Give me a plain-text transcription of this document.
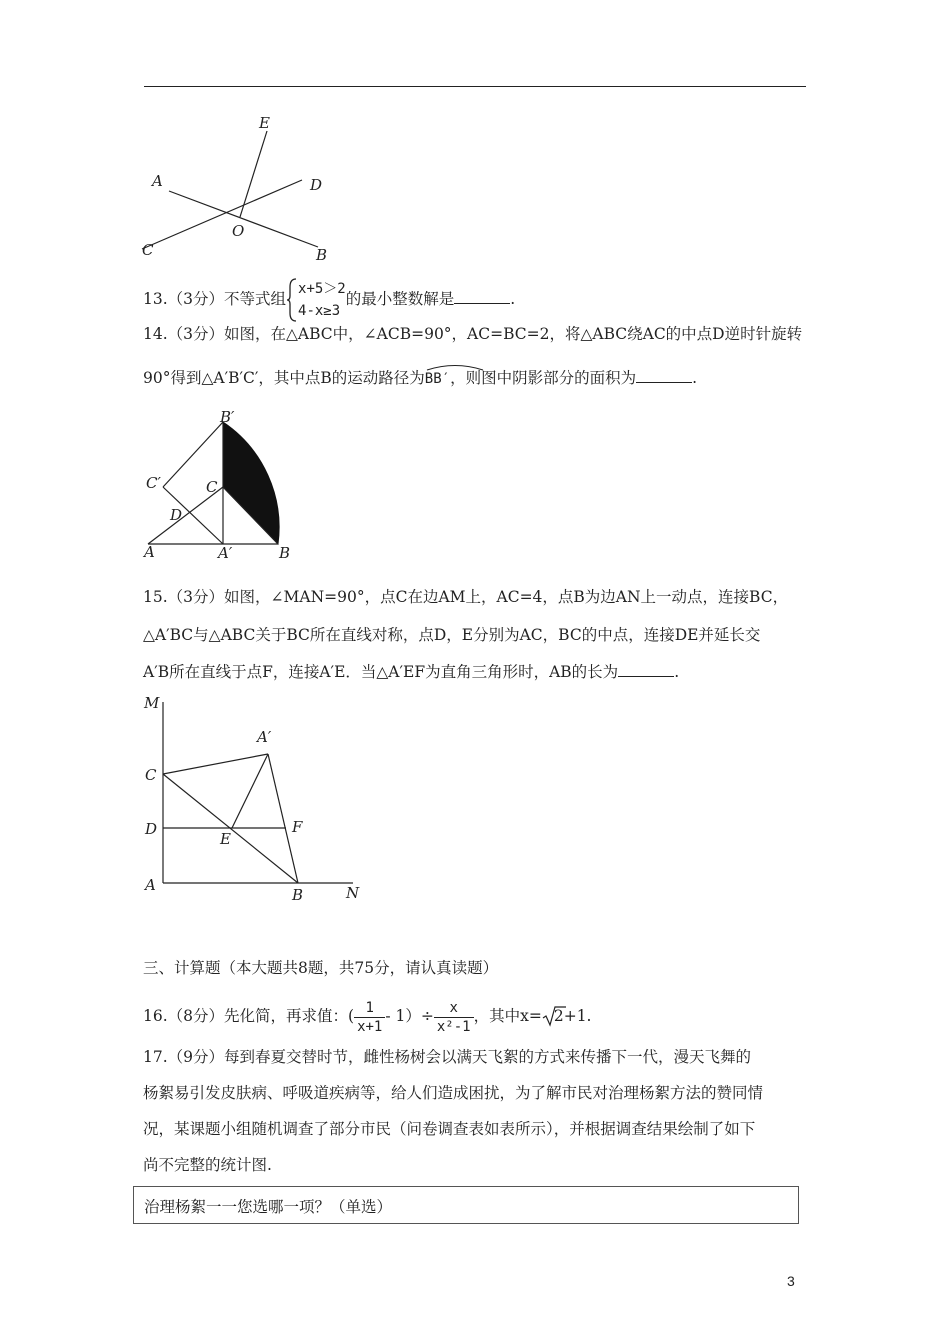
E
A	D
O
C	B
13.（3分）不等式组
x+5＞2
4-x≥3
的最小整数解是	.
14.（3分）如图，在△ABC中，∠ACB=90°，AC=BC=2，将△ABC绕AC的中点D逆时针旋转
90°得到△A′B′C′，其中点B的运动路径为
BB′，则图中阴影部分的面积为	.
B′
C′	C
D
A	A′	B
15.（3分）如图，∠MAN=90°，点C在边AM上，AC=4，点B为边AN上一动点，连接BC，
△A′BC与△ABC关于BC所在直线对称，点D，E分别为AC，BC的中点，连接DE并延长交
A′B所在直线于点F，连接A′E．当△A′EF为直角三角形时，AB的长为	.
M
A′
C
D
E
F
A
B	N
三、计算题（本大题共8题，共75分，请认真读题）
16.（8分）先化简，再求值：( $\frac{1}{x+1} - 1)\div \frac{x}{\text{x²-1}}$ ，其中x= 2+1.
17.（9分）每到春夏交替时节，雌性杨树会以满天飞絮的方式来传播下一代，漫天飞舞的
杨絮易引发皮肤病、呼吸道疾病等，给人们造成困扰，为了解市民对治理杨絮方法的赞同情
况，某课题小组随机调查了部分市民（问卷调查表如表所示），并根据调查结果绘制了如下
尚不完整的统计图.
治理杨絮一一您选哪一项？（单选）
3
